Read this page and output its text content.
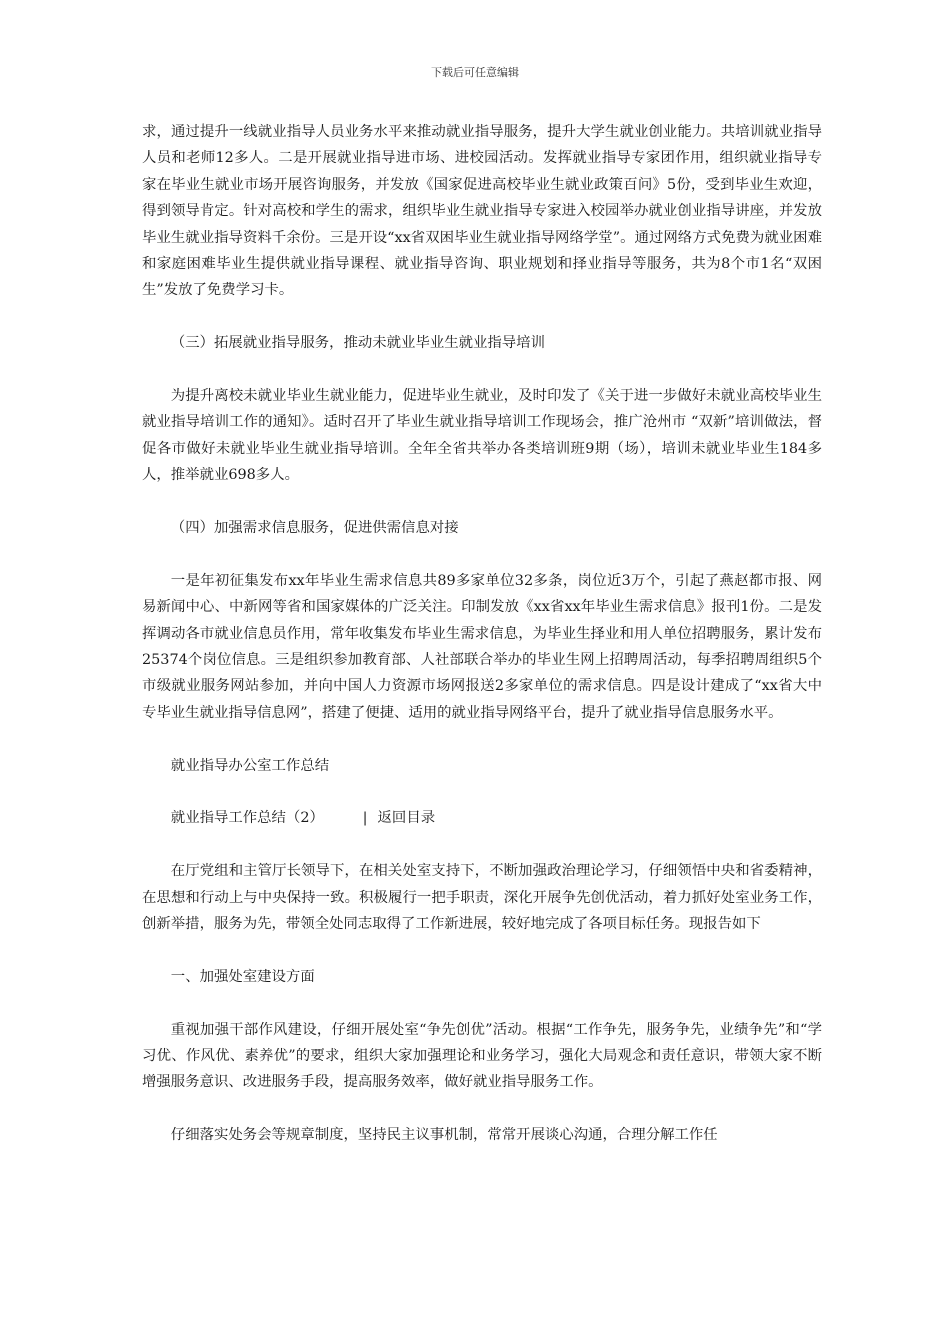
下载后可任意编辑

求，通过提升一线就业指导人员业务水平来推动就业指导服务，提升大学生就业创业能力。共培训就业指导人员和老师12多人。二是开展就业指导进市场、进校园活动。发挥就业指导专家团作用，组织就业指导专家在毕业生就业市场开展咨询服务，并发放《国家促进高校毕业生就业政策百问》5份，受到毕业生欢迎，得到领导肯定。针对高校和学生的需求，组织毕业生就业指导专家进入校园举办就业创业指导讲座，并发放毕业生就业指导资料千余份。三是开设“xx省双困毕业生就业指导网络学堂”。通过网络方式免费为就业困难和家庭困难毕业生提供就业指导课程、就业指导咨询、职业规划和择业指导等服务，共为8个市1名“双困生”发放了免费学习卡。

（三）拓展就业指导服务，推动未就业毕业生就业指导培训

为提升离校未就业毕业生就业能力，促进毕业生就业，及时印发了《关于进一步做好未就业高校毕业生就业指导培训工作的通知》。适时召开了毕业生就业指导培训工作现场会，推广沧州市 “双新”培训做法，督促各市做好未就业毕业生就业指导培训。全年全省共举办各类培训班9期（场），培训未就业毕业生184多人，推举就业698多人。

（四）加强需求信息服务，促进供需信息对接

一是年初征集发布xx年毕业生需求信息共89多家单位32多条，岗位近3万个，引起了燕赵都市报、网易新闻中心、中新网等省和国家媒体的广泛关注。印制发放《xx省xx年毕业生需求信息》报刊1份。二是发挥调动各市就业信息员作用，常年收集发布毕业生需求信息，为毕业生择业和用人单位招聘服务，累计发布25374个岗位信息。三是组织参加教育部、人社部联合举办的毕业生网上招聘周活动，每季招聘周组织5个市级就业服务网站参加，并向中国人力资源市场网报送2多家单位的需求信息。四是设计建成了“xx省大中专毕业生就业指导信息网”，搭建了便捷、适用的就业指导网络平台，提升了就业指导信息服务水平。

就业指导办公室工作总结

就业指导工作总结（2）	| 返回目录

在厅党组和主管厅长领导下，在相关处室支持下，不断加强政治理论学习，仔细领悟中央和省委精神，在思想和行动上与中央保持一致。积极履行一把手职责，深化开展争先创优活动，着力抓好处室业务工作，创新举措，服务为先，带领全处同志取得了工作新进展，较好地完成了各项目标任务。现报告如下

一、加强处室建设方面

重视加强干部作风建设，仔细开展处室“争先创优”活动。根据“工作争先，服务争先，业绩争先”和“学习优、作风优、素养优”的要求，组织大家加强理论和业务学习，强化大局观念和责任意识，带领大家不断增强服务意识、改进服务手段，提高服务效率，做好就业指导服务工作。

仔细落实处务会等规章制度，坚持民主议事机制，常常开展谈心沟通，合理分解工作任
